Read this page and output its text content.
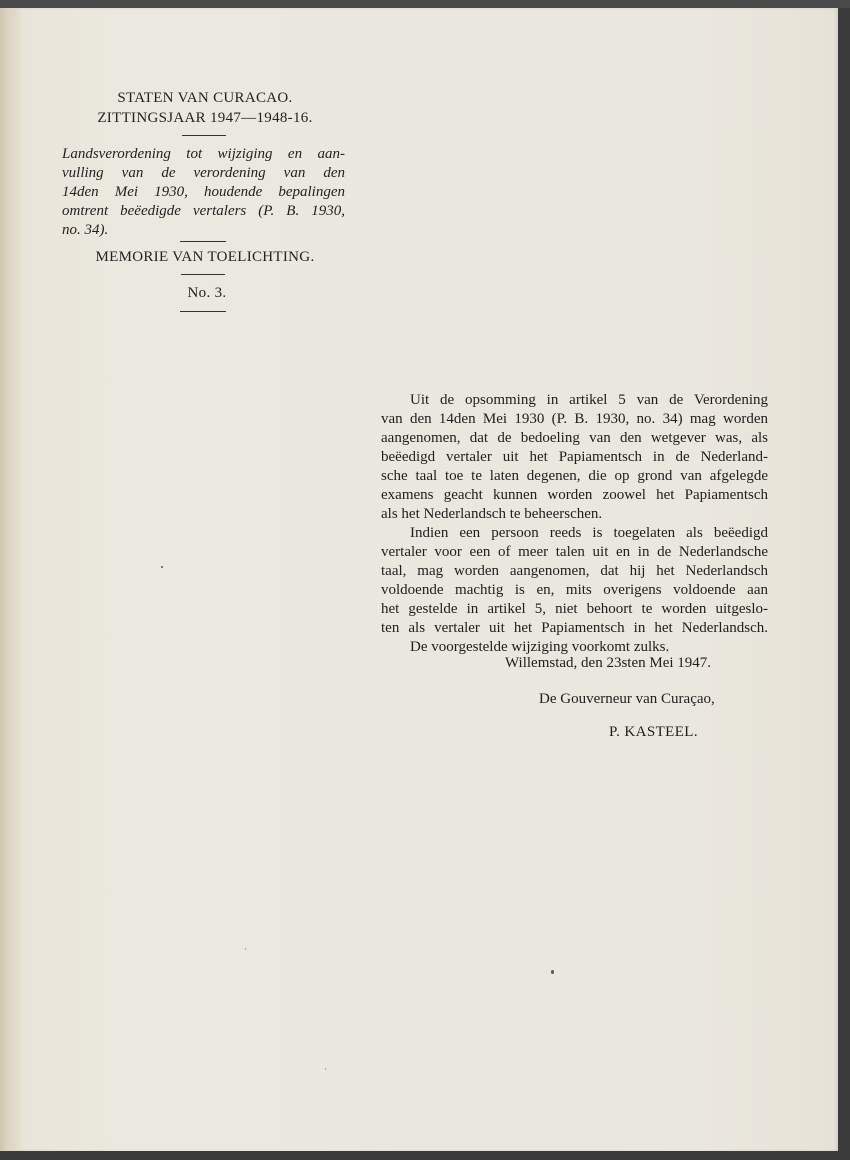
STATEN VAN CURACAO.
ZITTINGSJAAR 1947—1948-16.
Landsverordening tot wijziging en aan-
vulling van de verordening van den
14den Mei 1930, houdende bepalingen
omtrent beëedigde vertalers (P. B. 1930,
no. 34).
MEMORIE VAN TOELICHTING.
No. 3.
Uit de opsomming in artikel 5 van de Verordening
van den 14den Mei 1930 (P. B. 1930, no. 34) mag worden
aangenomen, dat de bedoeling van den wetgever was, als
beëedigd vertaler uit het Papiamentsch in de Nederland-
sche taal toe te laten degenen, die op grond van afgelegde
examens geacht kunnen worden zoowel het Papiamentsch
als het Nederlandsch te beheerschen.
Indien een persoon reeds is toegelaten als beëedigd
vertaler voor een of meer talen uit en in de Nederlandsche
taal, mag worden aangenomen, dat hij het Nederlandsch
voldoende machtig is en, mits overigens voldoende aan
het gestelde in artikel 5, niet behoort te worden uitgeslo-
ten als vertaler uit het Papiamentsch in het Nederlandsch.
De voorgestelde wijziging voorkomt zulks.
Willemstad, den 23sten Mei 1947.
De Gouverneur van Curaçao,
P. KASTEEL.
